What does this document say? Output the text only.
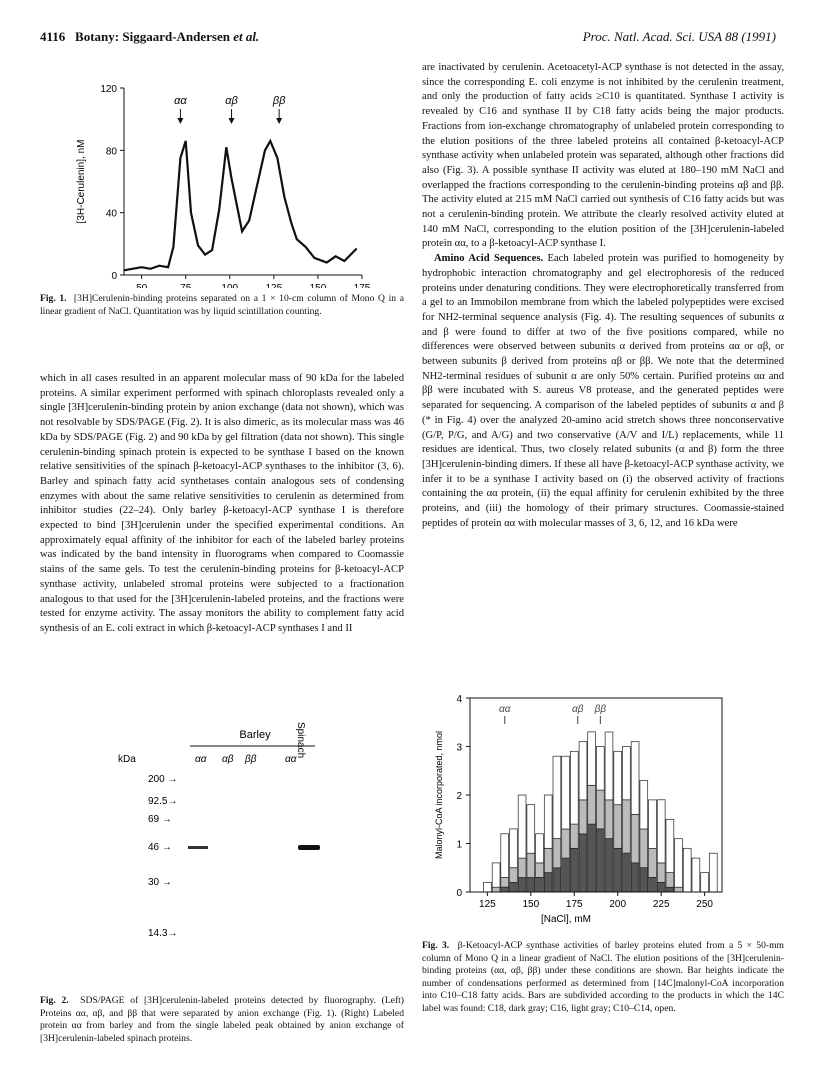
4116 Botany: Siggaard-Andersen et al.	Proc. Natl. Acad. Sci. USA 88 (1991)
0
40
80
120
αα	αβ	ββ
[3H-Cerulenin], nM
Fig. 1. [3H]Cerulenin-binding proteins separated on a 1 × 10-cm column of Mono Q in a linear gradient of NaCl. Quantitation was by liquid scintillation counting.

which in all cases resulted in an apparent molecular mass of 90 kDa for the labeled proteins. A similar experiment performed with spinach chloroplasts revealed only a single [3H]cerulenin-binding protein by anion exchange (data not shown), which was not resolvable by SDS/PAGE (Fig. 2). It is also dimeric, as its molecular mass was 46 kDa by SDS/PAGE (Fig. 2) and 90 kDa by gel filtration (data not shown). This single cerulenin-binding spinach protein is expected to be synthase I based on the known relative sensitivities of the spinach β-ketoacyl-ACP synthases to the inhibitor (3, 6). Barley and spinach fatty acid synthetases contain analogous sets of condensing enzymes with about the same relative sensitivities to cerulenin as determined from inhibitor studies (22–24). Only barley β-ketoacyl-ACP synthase I is therefore expected to bind [3H]cerulenin under the specified experimental conditions. An approximately equal affinity of the inhibitor for each of the labeled barley proteins was indicated by the band intensity in fluorograms when compared to Coomassie stains of the same gels. To test the cerulenin-binding proteins for β-ketoacyl-ACP synthase activity, unlabeled stromal proteins were subjected to a fractionation analogous to that used for the [3H]cerulenin-labeled proteins, and the fractions were tested for enzyme activity. The assay monitors the ability to complement fatty acid synthesis of an E. coli extract in which β-ketoacyl-ACP synthases I and II

Barley Spinach
kDa	αα αβ ββ	αα
200 →
92.5→
69 →
46 →
30 →
14.3→
Fig. 2. SDS/PAGE of [3H]cerulenin-labeled proteins detected by fluorography. (Left) Proteins αα, αβ, and ββ that were separated by anion exchange (Fig. 1). (Right) Labeled protein αα from barley and from the single labeled peak obtained by anion exchange of [3H]cerulenin-labeled spinach proteins.

are inactivated by cerulenin. Acetoacetyl-ACP synthase is not detected in the assay, since the corresponding E. coli enzyme is not inhibited by the cerulenin treatment, and only the production of fatty acids ≥C10 is quantitated. Synthase I activity is revealed by C16 and synthase II by C18 fatty acids being the major products. Fractions from ion-exchange chromatography of unlabeled protein corresponding to the elution positions of the three labeled proteins all contained β-ketoacyl-ACP synthase activity when unlabeled protein was separated, although other fractions did also (Fig. 3). A possible synthase II activity was eluted at 180–190 mM NaCl and overlapped the fractions corresponding to the cerulenin-binding proteins αβ and ββ. The activity eluted at 215 mM NaCl carried out synthesis of C16 fatty acids but was not a cerulenin-binding protein. We attribute the clearly resolved activity eluted at 140 mM NaCl, corresponding to the elution position of the [3H]cerulenin-labeled protein αα, to a β-ketoacyl-ACP synthase I.

Amino Acid Sequences. Each labeled protein was purified to homogeneity by hydrophobic interaction chromatography and gel electrophoresis of the reduced proteins under denaturing conditions. They were electrophoretically transferred from a gel to an Immobilon membrane from which the labeled polypeptides were excised for NH2-terminal sequence analysis (Fig. 4). The resulting sequences of subunits α and β were found to differ at two of the five positions compared, while no differences were observed between subunits α derived from proteins αα or αβ, or between subunits β derived from proteins αβ or ββ. We note that the determined NH2-terminal residues of subunit α are only 50% certain. Purified proteins αα and ββ were incubated with S. aureus V8 protease, and the generated peptides were separated for sequencing. A comparison of the labeled peptides of subunits α and β (* in Fig. 4) over the analyzed 20-amino acid stretch shows three nonconservative (G/P, P/G, and A/G) and two conservative (A/V and I/L) replacements, while 11 residues are identical. Thus, two closely related subunits (α and β) form the three [3H]cerulenin-binding dimers. If these all have β-ketoacyl-ACP synthase activity, we infer it to be a synthase I activity based on (i) the observed activity of fractions containing the αα protein, (ii) the equal affinity for cerulenin exhibited by the three proteins, and (iii) the homology of their primary structures. Coomassie-stained peptides of protein αα with molecular masses of 3, 6, 12, and 16 kDa were

125	150	175	200	225	250
0
1
2
3
4
αα	αβ ββ
[NaCl], mM
Malonyl-CoA incorporated, nmol
Fig. 3. β-Ketoacyl-ACP synthase activities of barley proteins eluted from a 5 × 50-mm column of Mono Q in a linear gradient of NaCl. The elution positions of the [3H]cerulenin-binding proteins (αα, αβ, ββ) under these conditions are shown. Bar heights indicate the number of condensations performed as determined from [14C]malonyl-CoA incorporation into C10–C18 fatty acids. Bars are subdivided according to the products in which the 14C label was found: C18, dark gray; C16, light gray; C10–C14, open.
